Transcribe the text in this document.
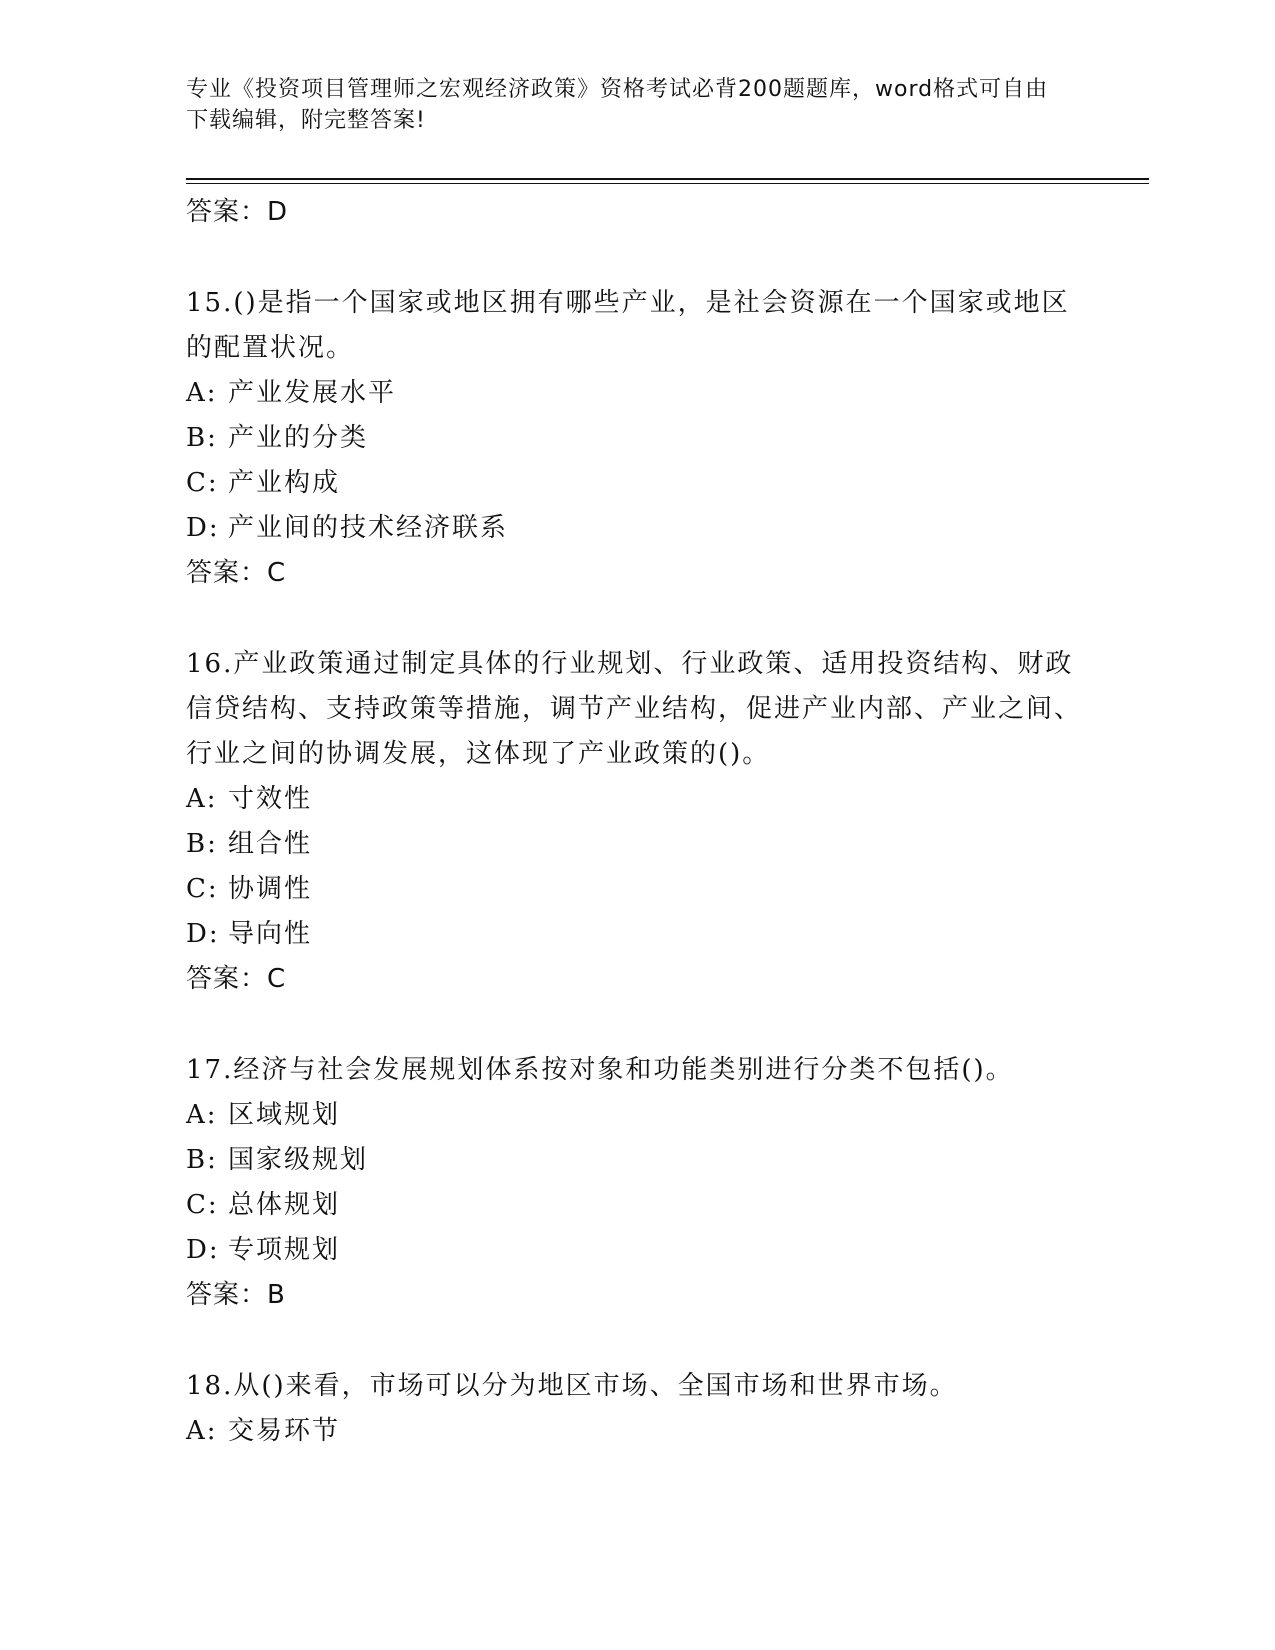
专业《投资项目管理师之宏观经济政策》资格考试必背200题题库，word格式可自由下载编辑，附完整答案!
答案：D
15.()是指一个国家或地区拥有哪些产业，是社会资源在一个国家或地区的配置状况。
A: 产业发展水平
B: 产业的分类
C: 产业构成
D: 产业间的技术经济联系
答案：C
16.产业政策通过制定具体的行业规划、行业政策、适用投资结构、财政信贷结构、支持政策等措施，调节产业结构，促进产业内部、产业之间、行业之间的协调发展，这体现了产业政策的()。
A: 寸效性
B: 组合性
C: 协调性
D: 导向性
答案：C
17.经济与社会发展规划体系按对象和功能类别进行分类不包括()。
A: 区域规划
B: 国家级规划
C: 总体规划
D: 专项规划
答案：B
18.从()来看，市场可以分为地区市场、全国市场和世界市场。
A: 交易环节
